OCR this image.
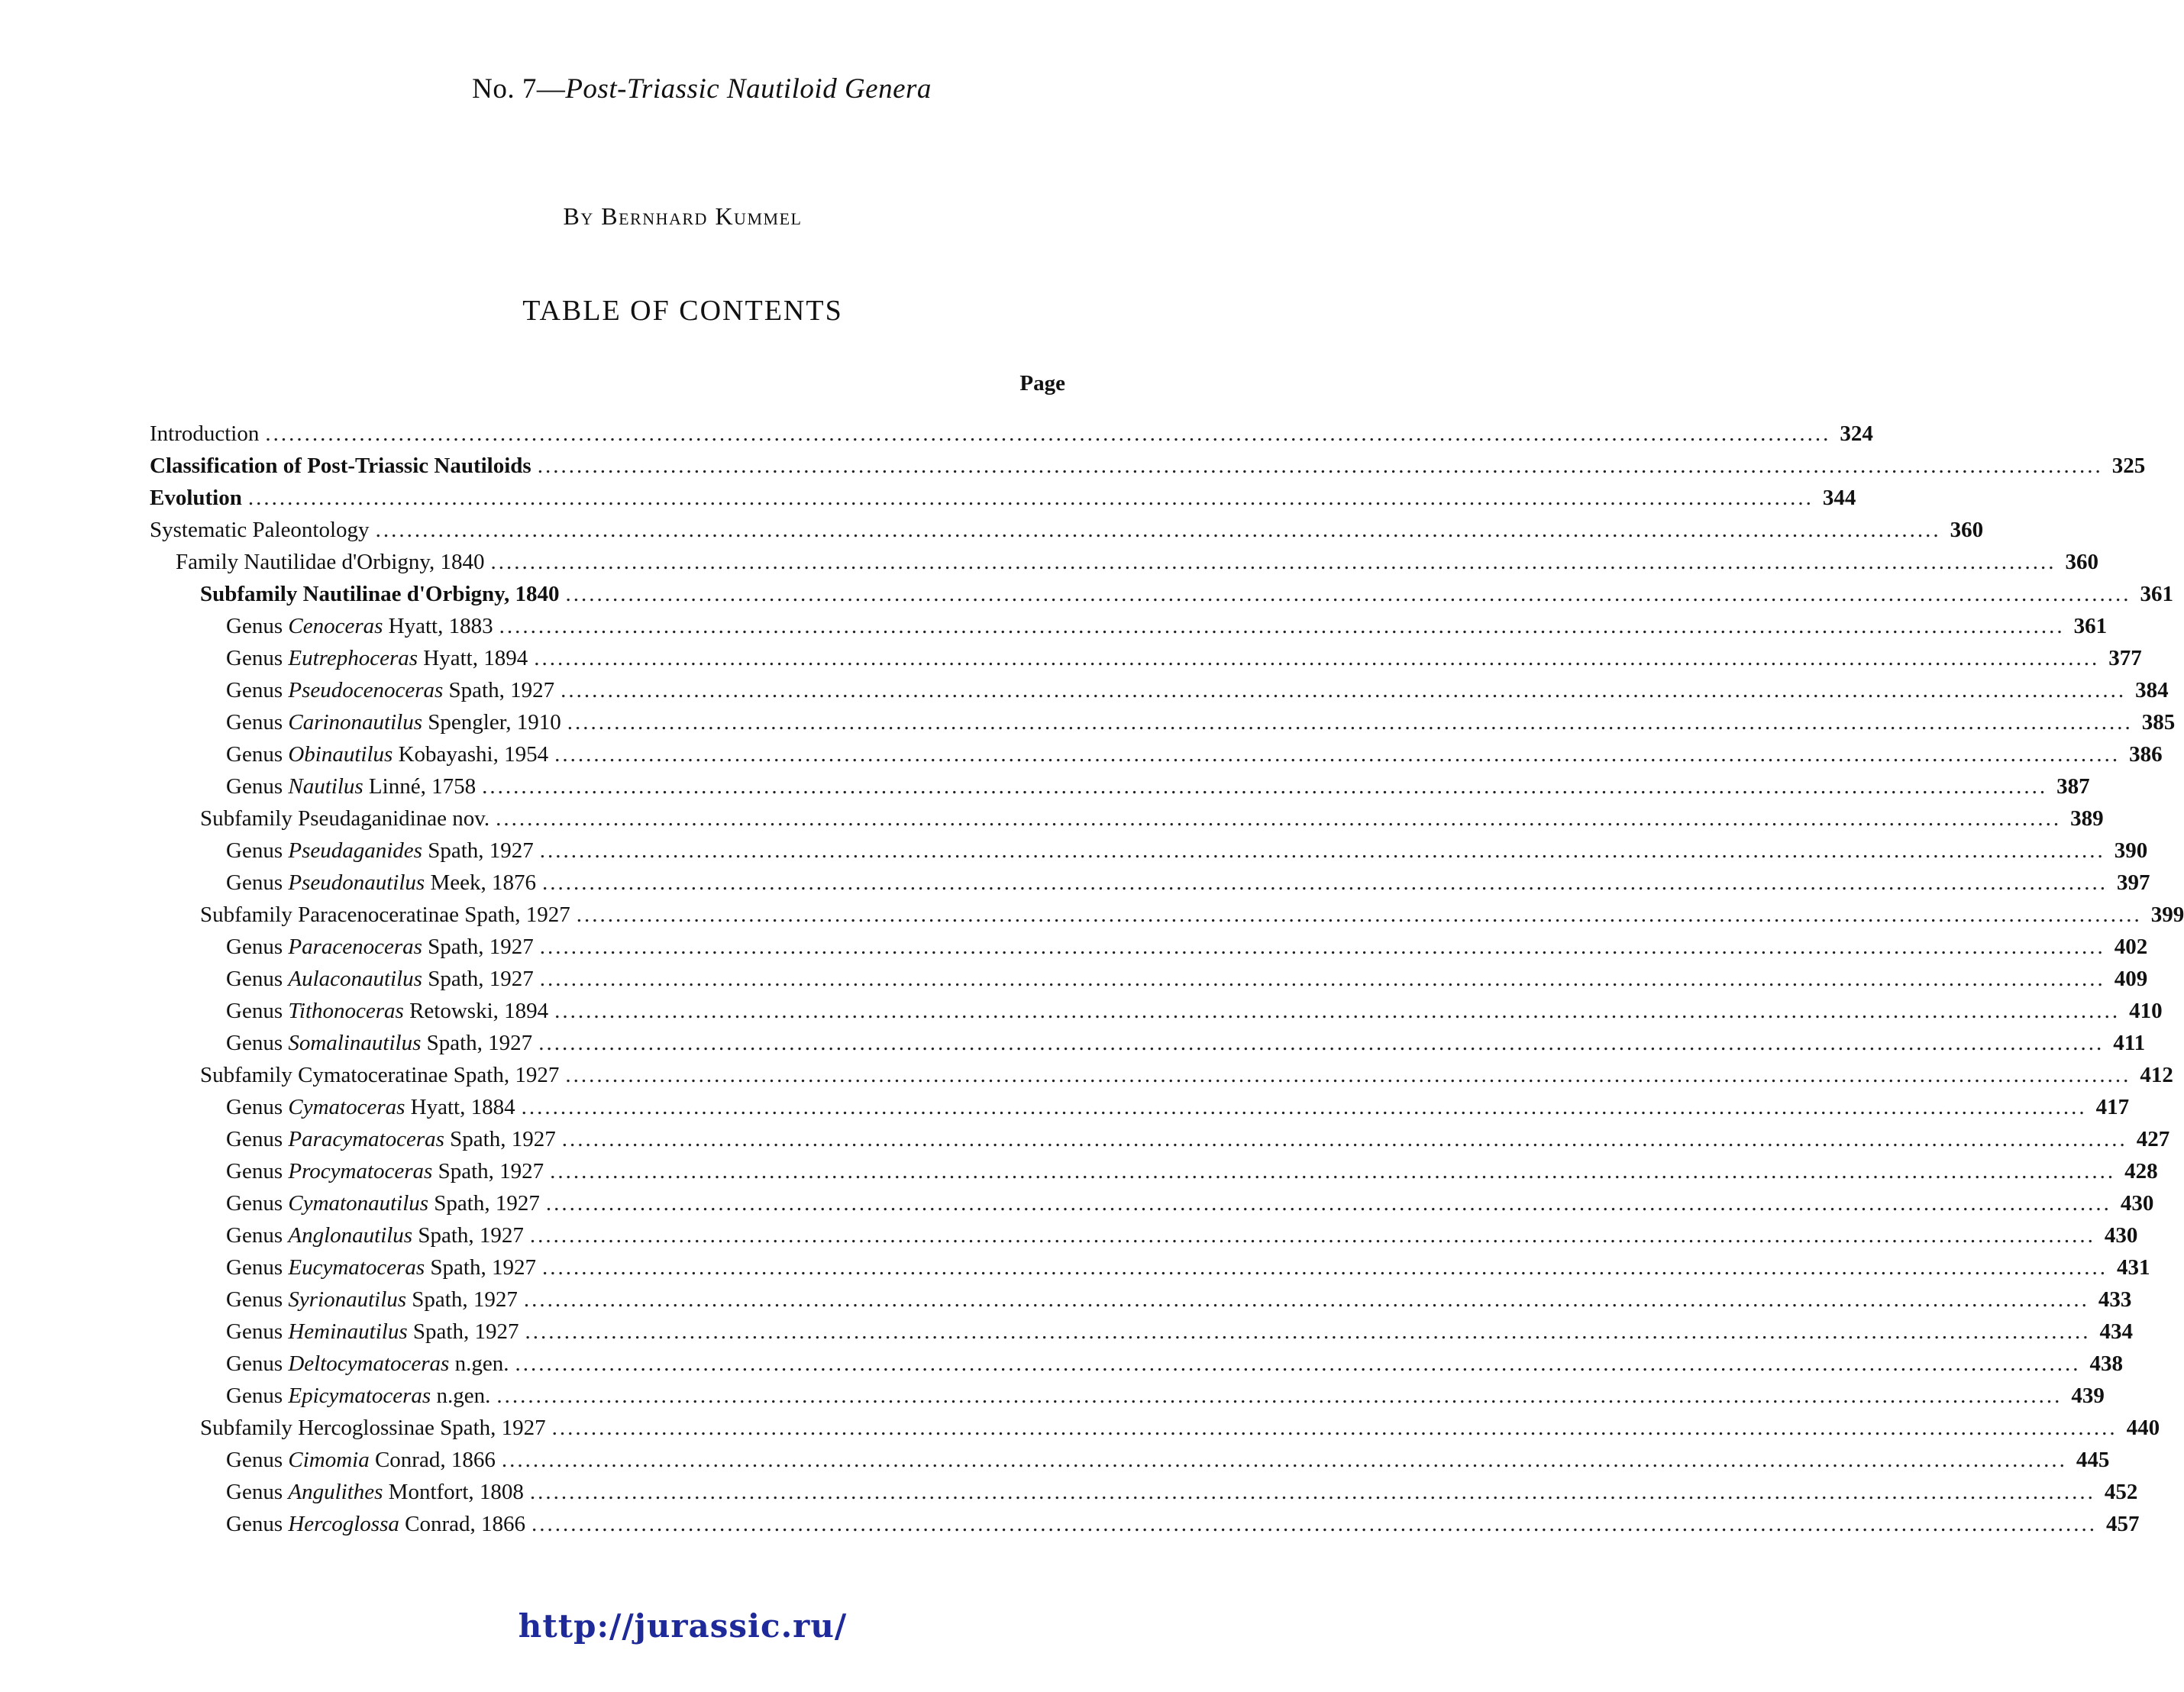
No. 7—Post-Triassic Nautiloid Genera
By Bernhard Kummel
TABLE OF CONTENTS
Page
Introduction ........................................................................................................................................................................................................ 324
Classification of Post-Triassic Nautiloids ........................................................................................................................................................................................................ 325
Evolution ........................................................................................................................................................................................................ 344
Systematic Paleontology ........................................................................................................................................................................................................ 360
Family Nautilidae d'Orbigny, 1840 ........................................................................................................................................................................................................ 360
Subfamily Nautilinae d'Orbigny, 1840 ........................................................................................................................................................................................................ 361
Genus Cenoceras Hyatt, 1883 ........................................................................................................................................................................................................ 361
Genus Eutrephoceras Hyatt, 1894 ........................................................................................................................................................................................................ 377
Genus Pseudocenoceras Spath, 1927 ........................................................................................................................................................................................................ 384
Genus Carinonautilus Spengler, 1910 ........................................................................................................................................................................................................ 385
Genus Obinautilus Kobayashi, 1954 ........................................................................................................................................................................................................ 386
Genus Nautilus Linné, 1758 ........................................................................................................................................................................................................ 387
Subfamily Pseudaganidinae nov. ........................................................................................................................................................................................................ 389
Genus Pseudaganides Spath, 1927 ........................................................................................................................................................................................................ 390
Genus Pseudonautilus Meek, 1876 ........................................................................................................................................................................................................ 397
Subfamily Paracenoceratinae Spath, 1927 ........................................................................................................................................................................................................ 399
Genus Paracenoceras Spath, 1927 ........................................................................................................................................................................................................ 402
Genus Aulaconautilus Spath, 1927 ........................................................................................................................................................................................................ 409
Genus Tithonoceras Retowski, 1894 ........................................................................................................................................................................................................ 410
Genus Somalinautilus Spath, 1927 ........................................................................................................................................................................................................ 411
Subfamily Cymatoceratinae Spath, 1927 ........................................................................................................................................................................................................ 412
Genus Cymatoceras Hyatt, 1884 ........................................................................................................................................................................................................ 417
Genus Paracymatoceras Spath, 1927 ........................................................................................................................................................................................................ 427
Genus Procymatoceras Spath, 1927 ........................................................................................................................................................................................................ 428
Genus Cymatonautilus Spath, 1927 ........................................................................................................................................................................................................ 430
Genus Anglonautilus Spath, 1927 ........................................................................................................................................................................................................ 430
Genus Eucymatoceras Spath, 1927 ........................................................................................................................................................................................................ 431
Genus Syrionautilus Spath, 1927 ........................................................................................................................................................................................................ 433
Genus Heminautilus Spath, 1927 ........................................................................................................................................................................................................ 434
Genus Deltocymatoceras n.gen. ........................................................................................................................................................................................................ 438
Genus Epicymatoceras n.gen. ........................................................................................................................................................................................................ 439
Subfamily Hercoglossinae Spath, 1927 ........................................................................................................................................................................................................ 440
Genus Cimomia Conrad, 1866 ........................................................................................................................................................................................................ 445
Genus Angulithes Montfort, 1808 ........................................................................................................................................................................................................ 452
Genus Hercoglossa Conrad, 1866 ........................................................................................................................................................................................................ 457
http://jurassic.ru/
